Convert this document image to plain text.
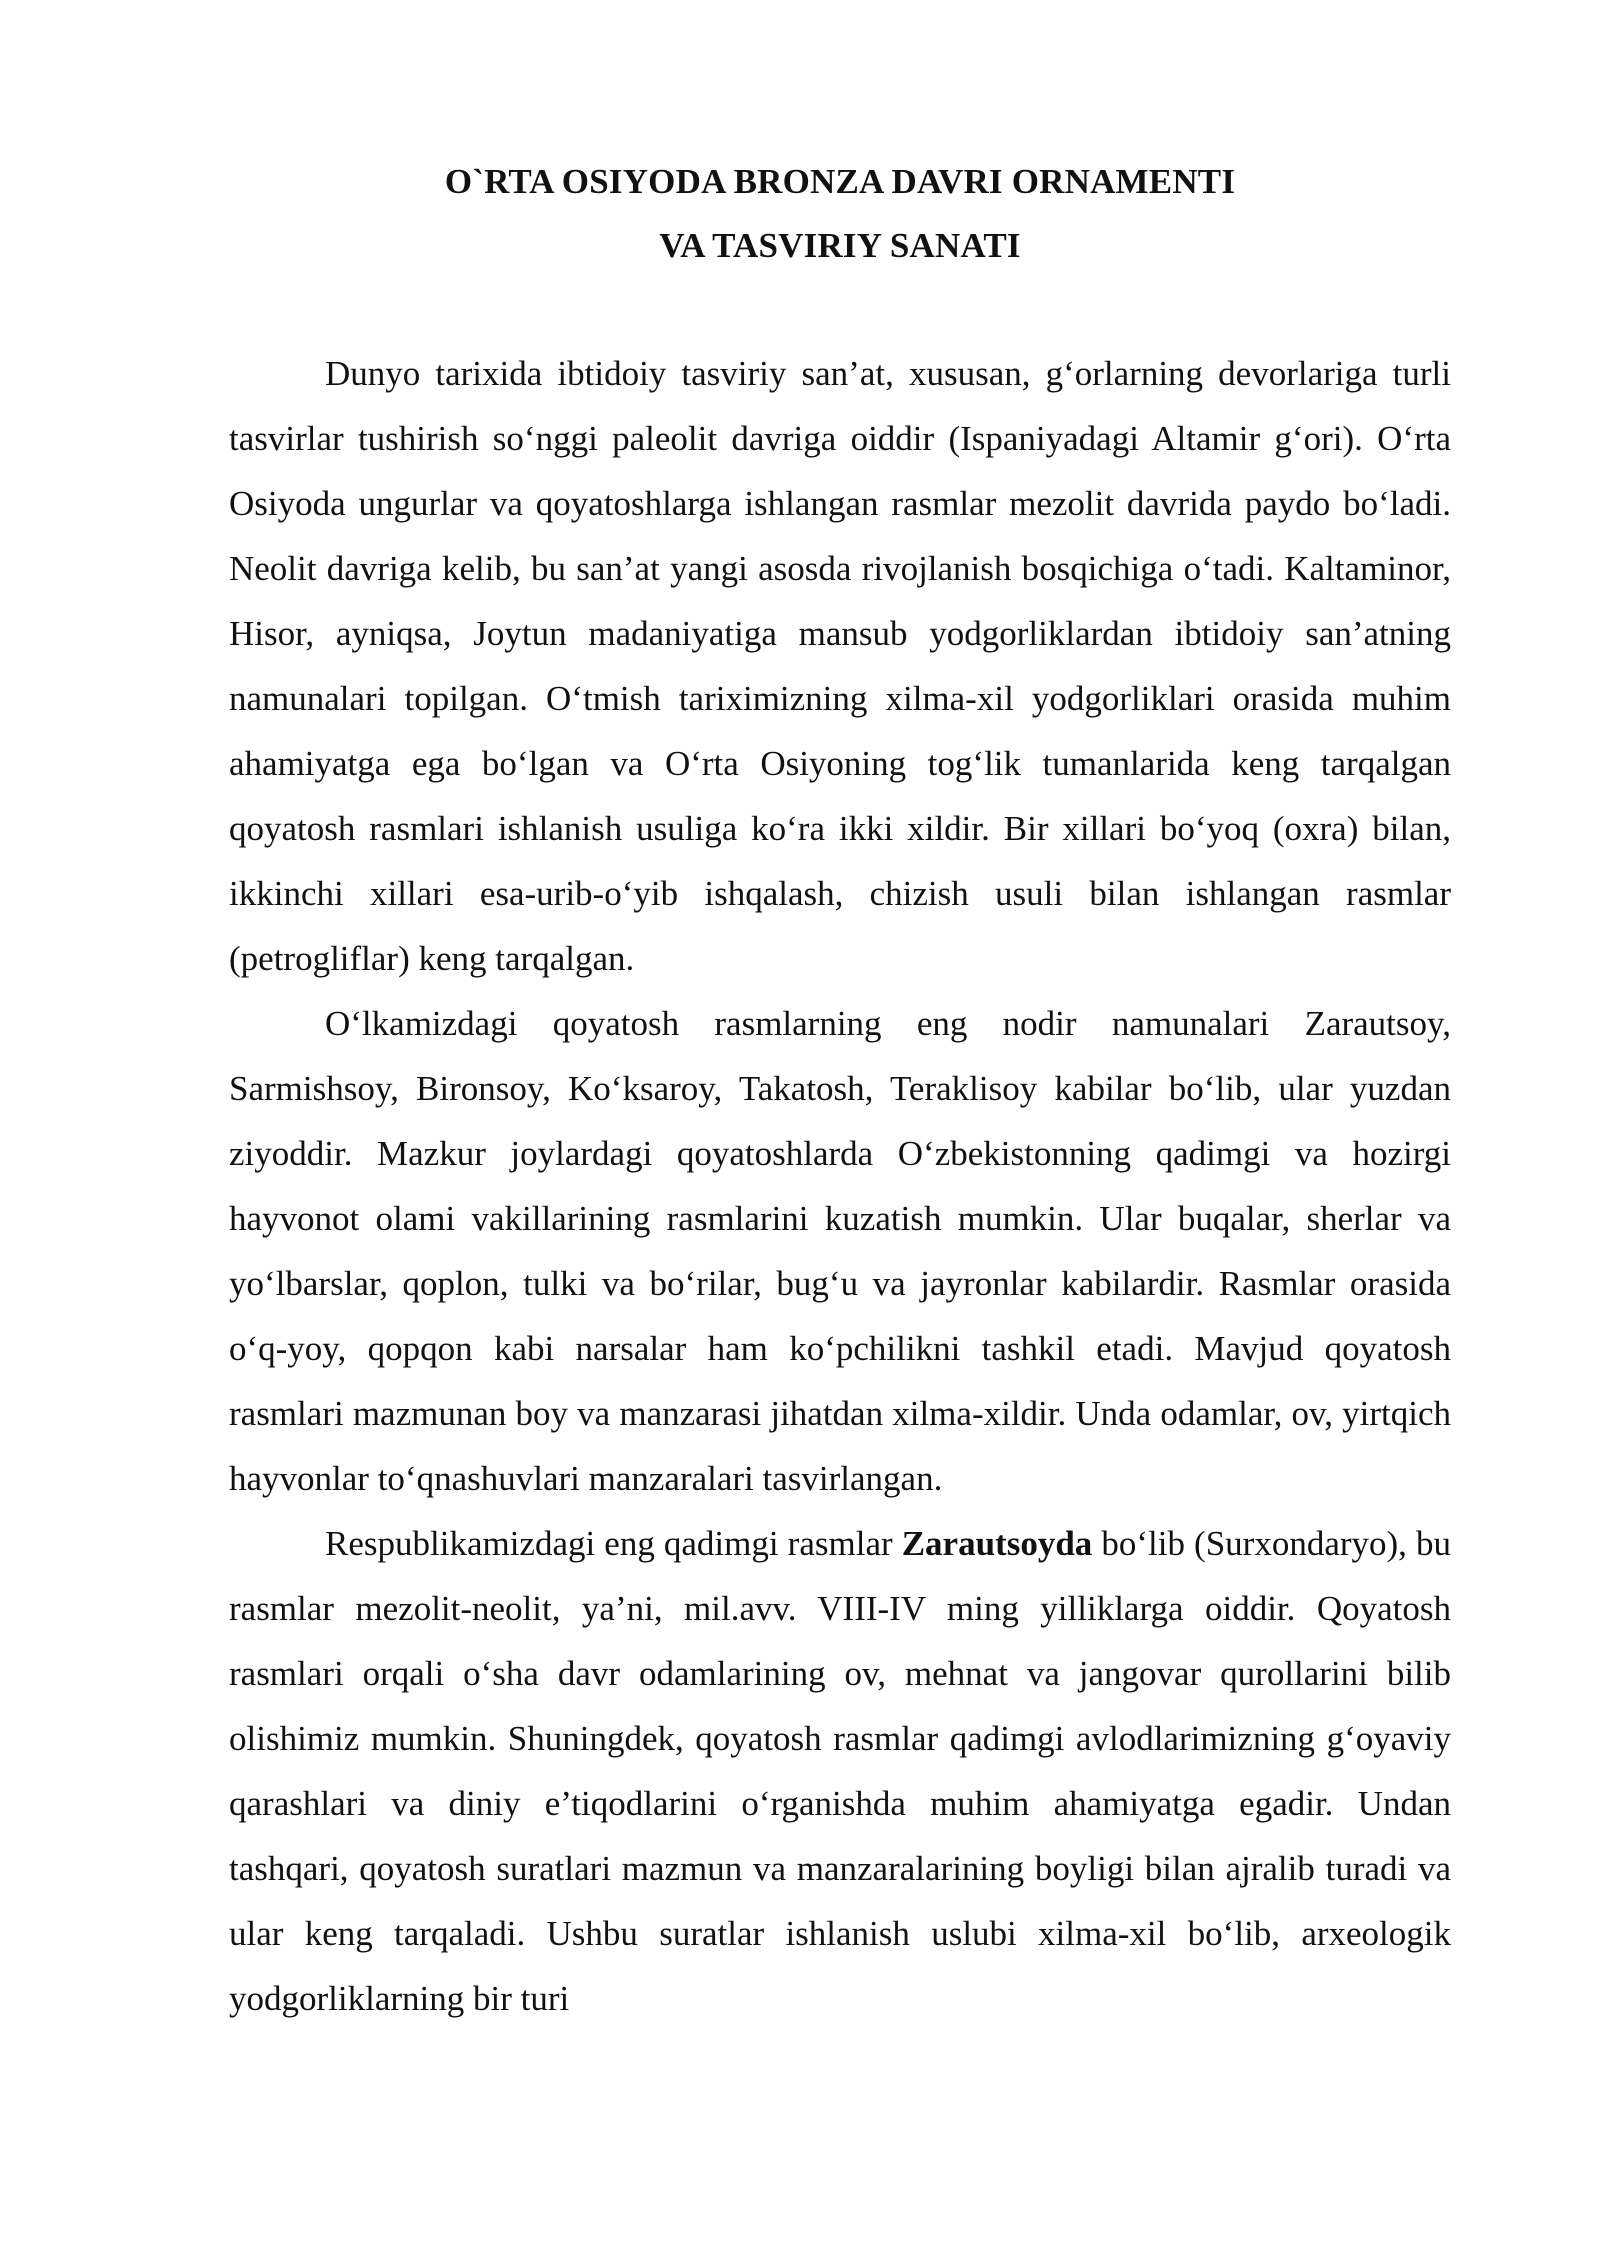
O`RTA OSIYODA BRONZA DAVRI ORNAMENTI

VA TASVIRIY SANATI

Dunyo tarixida ibtidoiy tasviriy san’at, xususan, g‘orlarning devorlariga turli tasvirlar tushirish so‘nggi paleolit davriga oiddir (Ispaniyadagi Altamir g‘ori). O‘rta Osiyoda ungurlar va qoyatoshlarga ishlangan rasmlar mezolit davrida paydo bo‘ladi. Neolit davriga kelib, bu san’at yangi asosda rivojlanish bosqichiga o‘tadi. Kaltaminor, Hisor, ayniqsa, Joytun madaniyatiga mansub yodgorliklardan ibtidoiy san’atning namunalari topilgan. O‘tmish tariximizning xilma-xil yodgorliklari orasida muhim ahamiyatga ega bo‘lgan va O‘rta Osiyoning tog‘lik tumanlarida keng tarqalgan qoyatosh rasmlari ishlanish usuliga ko‘ra ikki xildir. Bir xillari bo‘yoq (oxra) bilan, ikkinchi xillari esa-urib-o‘yib ishqalash, chizish usuli bilan ishlangan rasmlar (petrogliflar) keng tarqalgan.

O‘lkamizdagi qoyatosh rasmlarning eng nodir namunalari Zarautsoy, Sarmishsoy, Bironsoy, Ko‘ksaroy, Takatosh, Teraklisoy kabilar bo‘lib, ular yuzdan ziyoddir. Mazkur joylardagi qoyatoshlarda O‘zbekistonning qadimgi va hozirgi hayvonot olami vakillarining rasmlarini kuzatish mumkin. Ular buqalar, sherlar va yo‘lbarslar, qoplon, tulki va bo‘rilar, bug‘u va jayronlar kabilardir. Rasmlar orasida o‘q-yoy, qopqon kabi narsalar ham ko‘pchilikni tashkil etadi. Mavjud qoyatosh rasmlari mazmunan boy va manzarasi jihatdan xilma-xildir. Unda odamlar, ov, yirtqich hayvonlar to‘qnashuvlari manzaralari tasvirlangan.

Respublikamizdagi eng qadimgi rasmlar Zarautsoyda bo‘lib (Surxondaryo), bu rasmlar mezolit-neolit, ya’ni, mil.avv. VIII-IV ming yilliklarga oiddir. Qoyatosh rasmlari orqali o‘sha davr odamlarining ov, mehnat va jangovar qurollarini bilib olishimiz mumkin. Shuningdek, qoyatosh rasmlar qadimgi avlodlarimizning g‘oyaviy qarashlari va diniy e’tiqodlarini o‘rganishda muhim ahamiyatga egadir. Undan tashqari, qoyatosh suratlari mazmun va manzaralarining boyligi bilan ajralib turadi va ular keng tarqaladi. Ushbu suratlar ishlanish uslubi xilma-xil bo‘lib, arxeologik yodgorliklarning bir turi
